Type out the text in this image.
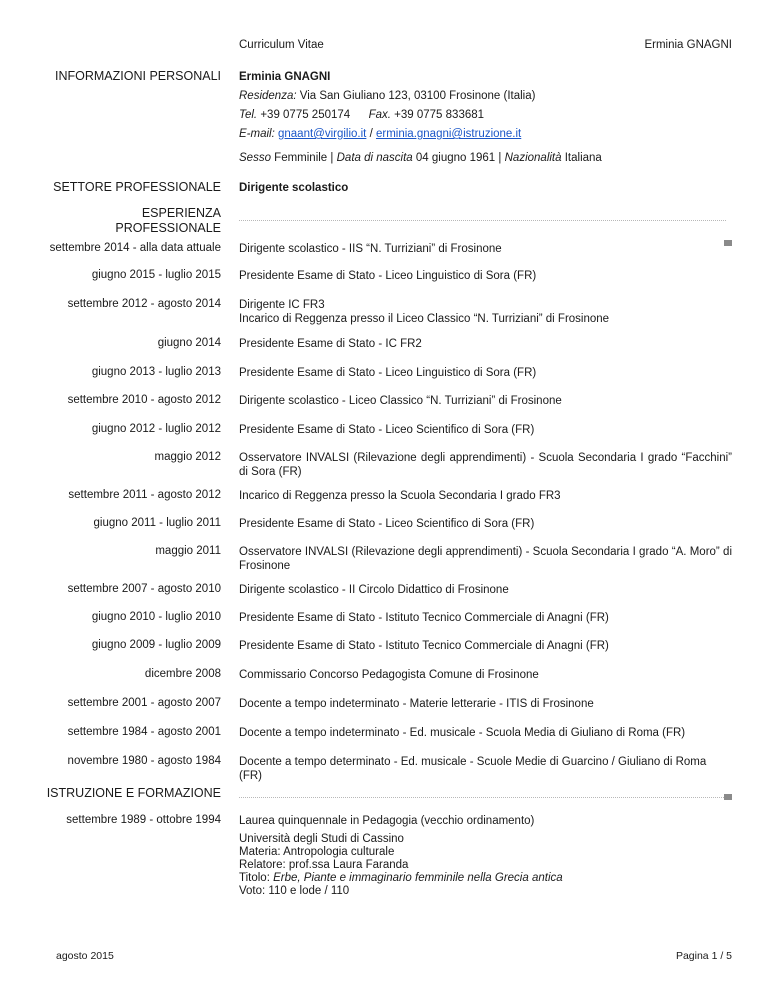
Curriculum Vitae	Erminia GNAGNI
INFORMAZIONI PERSONALI Erminia GNAGNI
Residenza: Via San Giuliano 123, 03100 Frosinone (Italia)
Tel. +39 0775 250174 Fax. +39 0775 833681
E-mail: gnaant@virgilio.it / erminia.gnagni@istruzione.it
Sesso Femminile | Data di nascita 04 giugno 1961 | Nazionalità Italiana
SETTORE PROFESSIONALE Dirigente scolastico
ESPERIENZA
PROFESSIONALE
settembre 2014 - alla data attuale Dirigente scolastico - IIS “N. Turriziani” di Frosinone
giugno 2015 - luglio 2015 Presidente Esame di Stato - Liceo Linguistico di Sora (FR)
settembre 2012 - agosto 2014 Dirigente IC FR3
Incarico di Reggenza presso il Liceo Classico “N. Turriziani” di Frosinone
giugno 2014 Presidente Esame di Stato - IC FR2
giugno 2013 - luglio 2013 Presidente Esame di Stato - Liceo Linguistico di Sora (FR)
settembre 2010 - agosto 2012 Dirigente scolastico - Liceo Classico “N. Turriziani” di Frosinone
giugno 2012 - luglio 2012 Presidente Esame di Stato - Liceo Scientifico di Sora (FR)
maggio 2012 Osservatore INVALSI (Rilevazione degli apprendimenti) - Scuola Secondaria I grado “Facchini” di Sora (FR)
settembre 2011 - agosto 2012 Incarico di Reggenza presso la Scuola Secondaria I grado FR3
giugno 2011 - luglio 2011 Presidente Esame di Stato - Liceo Scientifico di Sora (FR)
maggio 2011 Osservatore INVALSI (Rilevazione degli apprendimenti) - Scuola Secondaria I grado “A. Moro” di Frosinone
settembre 2007 - agosto 2010 Dirigente scolastico - II Circolo Didattico di Frosinone
giugno 2010 - luglio 2010 Presidente Esame di Stato - Istituto Tecnico Commerciale di Anagni (FR)
giugno 2009 - luglio 2009 Presidente Esame di Stato - Istituto Tecnico Commerciale di Anagni (FR)
dicembre 2008 Commissario Concorso Pedagogista Comune di Frosinone
settembre 2001 - agosto 2007 Docente a tempo indeterminato - Materie letterarie - ITIS di Frosinone
settembre 1984 - agosto 2001 Docente a tempo indeterminato - Ed. musicale - Scuola Media di Giuliano di Roma (FR)
novembre 1980 - agosto 1984 Docente a tempo determinato - Ed. musicale - Scuole Medie di Guarcino / Giuliano di Roma (FR)
ISTRUZIONE E FORMAZIONE
settembre 1989 - ottobre 1994 Laurea quinquennale in Pedagogia (vecchio ordinamento)
Università degli Studi di Cassino
Materia: Antropologia culturale
Relatore: prof.ssa Laura Faranda
Titolo: Erbe, Piante e immaginario femminile nella Grecia antica
Voto: 110 e lode / 110
agosto 2015	Pagina 1 / 5
